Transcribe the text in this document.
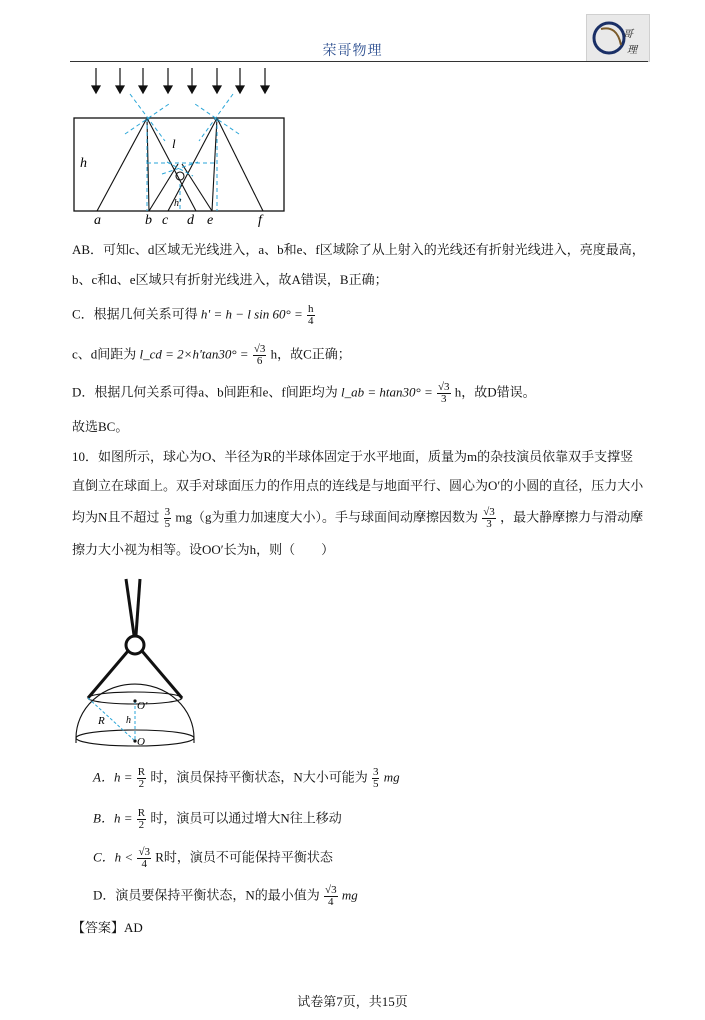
荣哥物理
哥
理
h
l
h'
a	b c d e	f
AB．可知c、d区域无光线进入，a、b和e、f区域除了从上射入的光线还有折射光线进入，亮度最高，
b、c和d、e区域只有折射光线进入，故A错误，B正确；
C．根据几何关系可得 h' = h − l $\sin 60^\circ = \frac{h}{4}$
c、d间距为 l_cd = $2\times h'\tan 30^\circ = \frac{√3}{6}$ h，故C正确；
D．根据几何关系可得a、b间距和e、f间距均为 l_ab = $htan30^\circ = \frac{√3}{3}$ h，故D错误。
故选BC。
10．如图所示，球心为O、半径为R的半球体固定于水平地面，质量为m的杂技演员依靠双手支撑竖
直倒立在球面上。双手对球面压力的作用点的连线是与地面平行、圆心为O′的小圆的直径，压力大小
均为N且不超过 $\frac{3}{5} mg(g$为重力加速度大小）。手与球面间动摩擦因数为 $\frac{√3}{3}$ ，最大静摩擦力与滑动摩
擦力大小视为相等。设OO′长为h，则（　　）
O′
R h
O
A．$h = \frac{R}{2}$ 时，演员保持平衡状态，N大小可能为 $\frac{3}{5}$ mg
B．$h = \frac{R}{2}$ 时，演员可以通过增大N往上移动
C．$h < \frac{√3}{4}$ R时，演员不可能保持平衡状态
D．演员要保持平衡状态，N的最小值为 $\frac{√3}{4}$ mg
【答案】AD
试卷第7页，共15页
